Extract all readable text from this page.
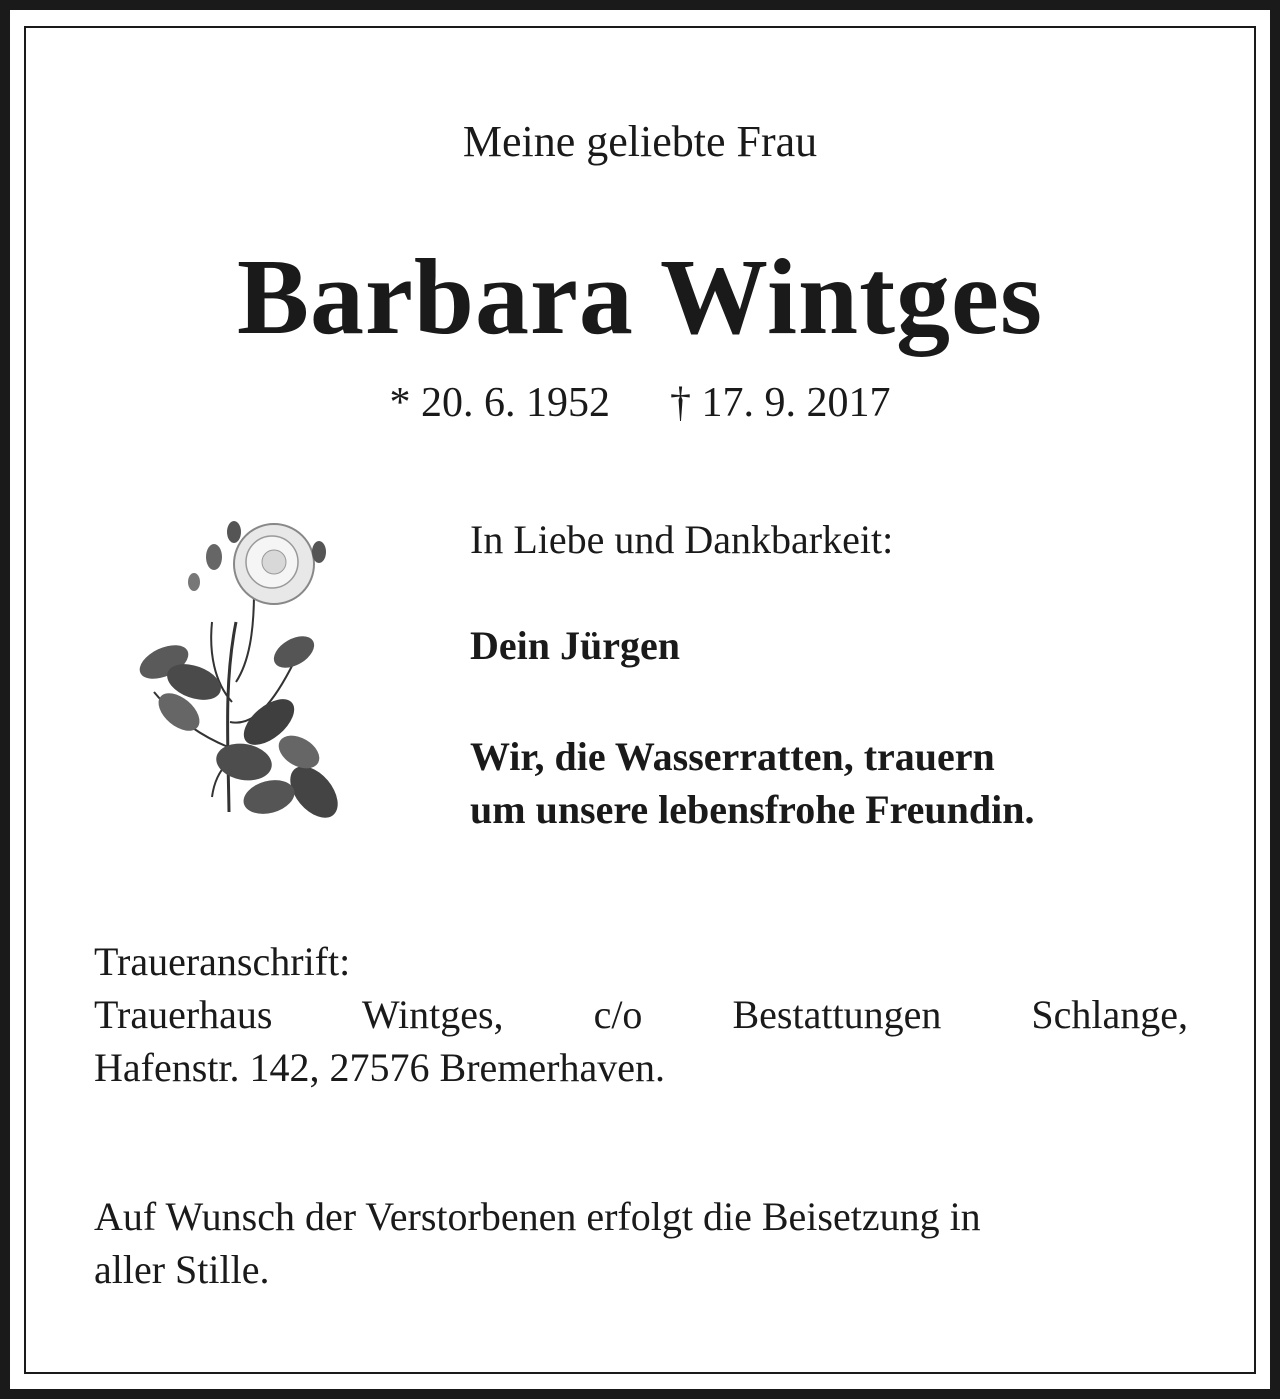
Meine geliebte Frau
Barbara Wintges
* 20. 6. 1952 † 17. 9. 2017
In Liebe und Dankbarkeit:
Dein Jürgen
Wir, die Wasserratten, trauern
um unsere lebensfrohe Freundin.
Traueranschrift:
Trauerhaus Wintges, c/o Bestattungen Schlange,
Hafenstr. 142, 27576 Bremerhaven.
Auf Wunsch der Verstorbenen erfolgt die Beisetzung in
aller Stille.
